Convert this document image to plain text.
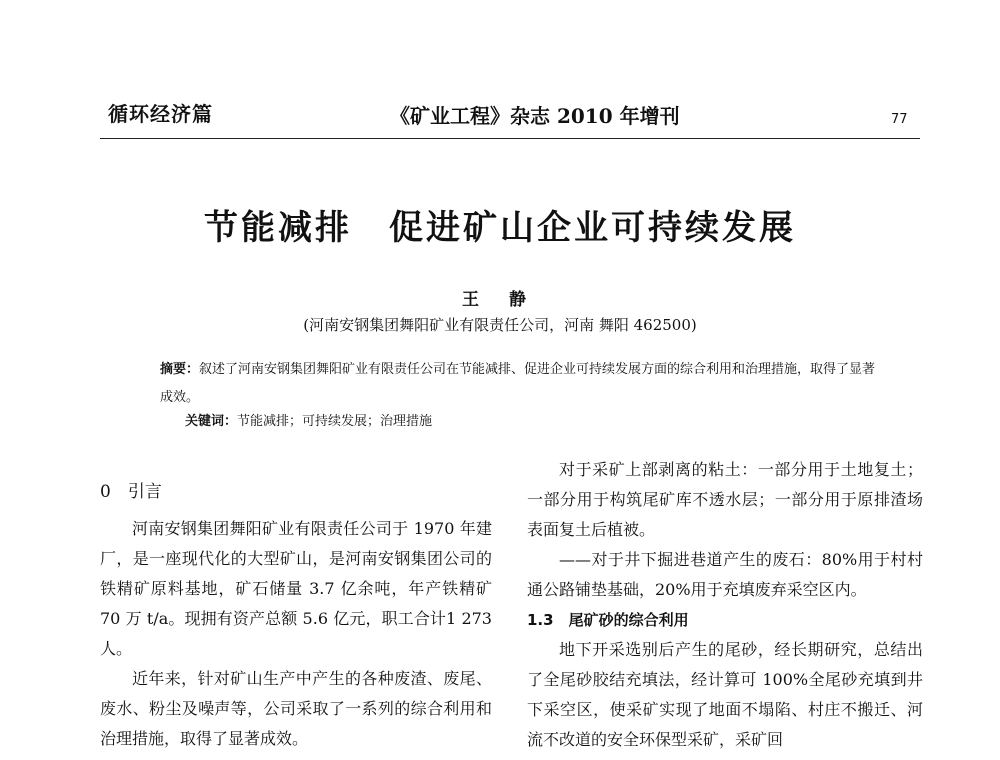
循环经济篇	《矿业工程》杂志 2010 年增刊	77
节能减排　促进矿山企业可持续发展
王 静
(河南安钢集团舞阳矿业有限责任公司，河南 舞阳 462500)
摘要：叙述了河南安钢集团舞阳矿业有限责任公司在节能减排、促进企业可持续发展方面的综合利用和治理措施，取得了显著成效。
关键词：节能减排；可持续发展；治理措施
0　引言

河南安钢集团舞阳矿业有限责任公司于 1970 年建厂，是一座现代化的大型矿山，是河南安钢集团公司的铁精矿原料基地，矿石储量 3.7 亿余吨，年产铁精矿 70 万 t/a。现拥有资产总额 5.6 亿元，职工合计1 273人。

近年来，针对矿山生产中产生的各种废渣、废尾、废水、粉尘及噪声等，公司采取了一系列的综合利用和治理措施，取得了显著成效。

对于采矿上部剥离的粘土：一部分用于土地复土；一部分用于构筑尾矿库不透水层；一部分用于原排渣场表面复土后植被。

——对于井下掘进巷道产生的废石：80%用于村村通公路铺垫基础，20%用于充填废弃采空区内。

1.3　尾矿砂的综合利用

地下开采选别后产生的尾砂，经长期研究，总结出了全尾砂胶结充填法，经计算可 100%全尾砂充填到井下采空区，使采矿实现了地面不塌陷、村庄不搬迁、河流不改道的安全环保型采矿，采矿回
